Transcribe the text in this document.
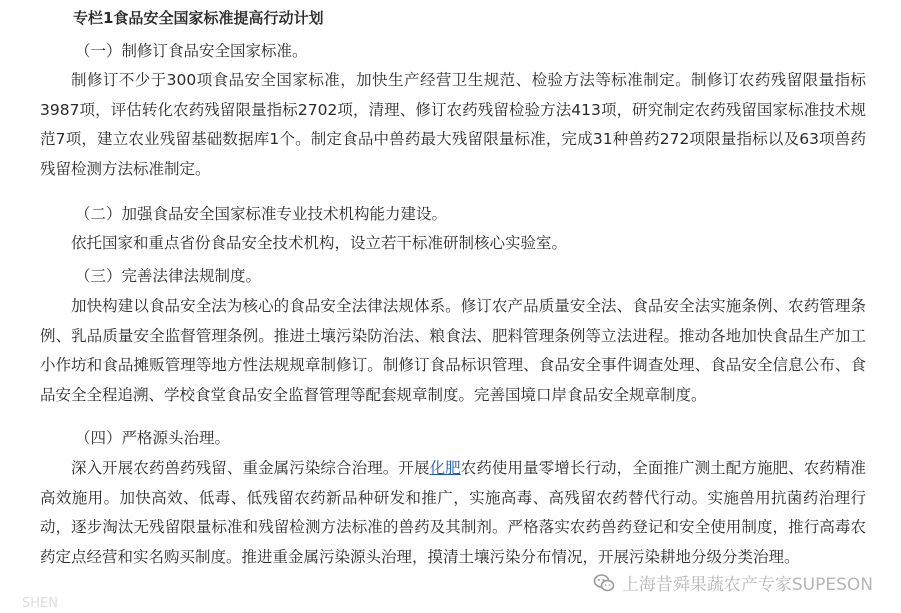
专栏1食品安全国家标准提高行动计划
（一）制修订食品安全国家标准。

制修订不少于300项食品安全国家标准，加快生产经营卫生规范、检验方法等标准制定。制修订农药残留限量指标3987项，评估转化农药残留限量指标2702项，清理、修订农药残留检验方法413项，研究制定农药残留国家标准技术规范7项，建立农业残留基础数据库1个。制定食品中兽药最大残留限量标准，完成31种兽药272项限量指标以及63项兽药残留检测方法标准制定。

（二）加强食品安全国家标准专业技术机构能力建设。

依托国家和重点省份食品安全技术机构，设立若干标准研制核心实验室。

（三）完善法律法规制度。

加快构建以食品安全法为核心的食品安全法律法规体系。修订农产品质量安全法、食品安全法实施条例、农药管理条例、乳品质量安全监督管理条例。推进土壤污染防治法、粮食法、肥料管理条例等立法进程。推动各地加快食品生产加工小作坊和食品摊贩管理等地方性法规规章制修订。制修订食品标识管理、食品安全事件调查处理、食品安全信息公布、食品安全全程追溯、学校食堂食品安全监督管理等配套规章制度。完善国境口岸食品安全规章制度。

（四）严格源头治理。

深入开展农药兽药残留、重金属污染综合治理。开展化肥农药使用量零增长行动，全面推广测土配方施肥、农药精准高效施用。加快高效、低毒、低残留农药新品种研发和推广，实施高毒、高残留农药替代行动。实施兽用抗菌药治理行动，逐步淘汰无残留限量标准和残留检测方法标准的兽药及其制剂。严格落实农药兽药登记和安全使用制度，推行高毒农药定点经营和实名购买制度。推进重金属污染源头治理，摸清土壤污染分布情况，开展污染耕地分级分类治理。

上海昔舜果蔬农产专家SUPESON
SHEN
